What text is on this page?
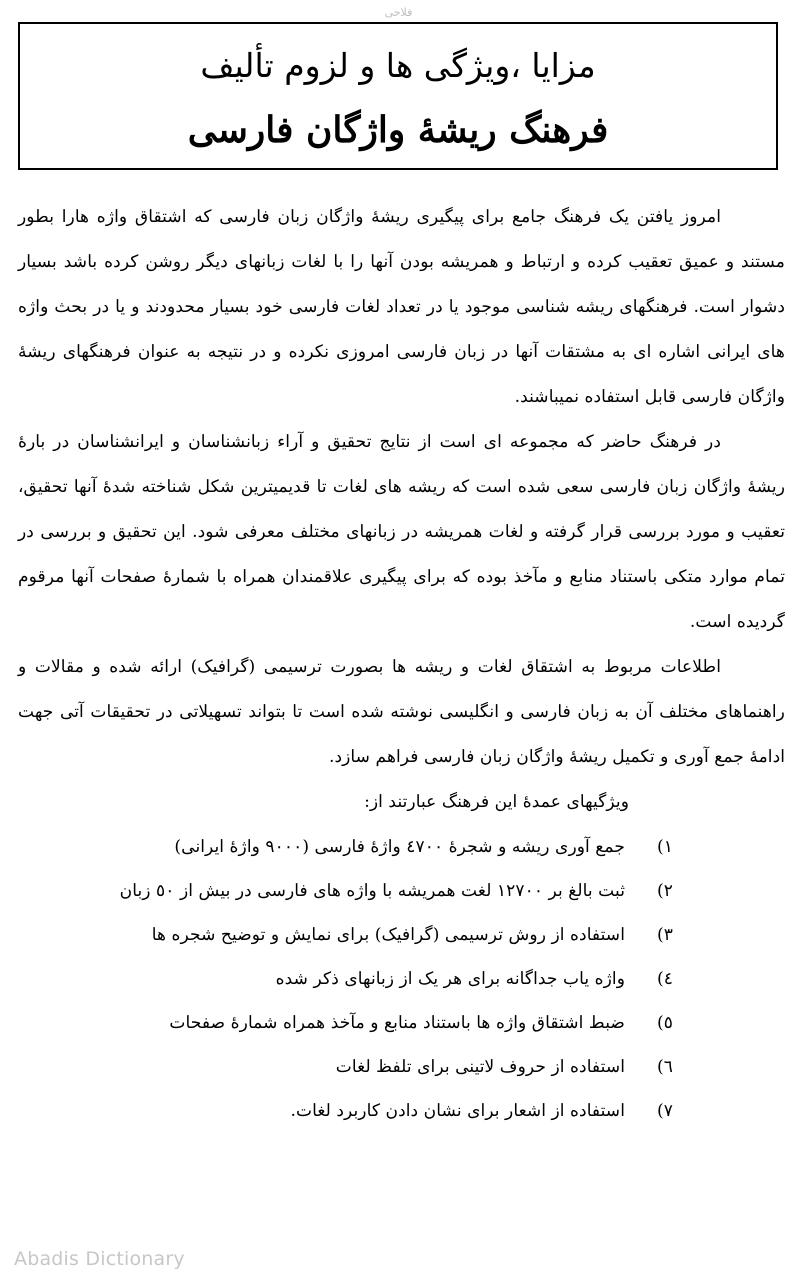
فلاحی
مزایا ،ویژگی ها و لزوم تألیف
فرهنگ ریشهٔ واژگان فارسی

امروز یافتن یک فرهنگ جامع برای پیگیری ریشهٔ واژگان زبان فارسی که اشتقاق واژه هارا بطور مستند و عمیق تعقیب کرده و ارتباط و همریشه بودن آنها را با لغات زبانهای دیگر روشن کرده باشد بسیار دشوار است. فرهنگهای ریشه شناسی موجود یا در تعداد لغات فارسی خود بسیار محدودند و یا در بحث واژه های ایرانی اشاره ای به مشتقات آنها در زبان فارسی امروزی نکرده و در نتیجه به عنوان فرهنگهای ریشهٔ واژگان فارسی قابل استفاده نمیباشند.

در فرهنگ حاضر که مجموعه ای است از نتایج تحقیق و آراء زبانشناسان و ایرانشناسان در بارهٔ ریشهٔ واژگان زبان فارسی سعی شده است که ریشه های لغات تا قدیمیترین شکل شناخته شدهٔ آنها تحقیق، تعقیب و مورد بررسی قرار گرفته و لغات همریشه در زبانهای مختلف معرفی شود. این تحقیق و بررسی در تمام موارد متکی باستناد منابع و مآخذ بوده که برای پیگیری علاقمندان همراه با شمارهٔ صفحات آنها مرقوم گردیده است.

اطلاعات مربوط به اشتقاق لغات و ریشه ها بصورت ترسیمی (گرافیک) ارائه شده و مقالات و راهنماهای مختلف آن به زبان فارسی و انگلیسی نوشته شده است تا بتواند تسهیلاتی در تحقیقات آتی جهت ادامهٔ جمع آوری و تکمیل ریشهٔ واژگان زبان فارسی فراهم سازد.

ویژگیهای عمدهٔ این فرهنگ عبارتند از:

۱)
جمع آوری ریشه و شجرهٔ ٤٧٠٠ واژهٔ فارسی (٩٠٠٠ واژهٔ ایرانی)
۲)
ثبت بالغ بر ١٢٧٠٠ لغت همریشه با واژه های فارسی در بیش از ٥٠ زبان
۳)
استفاده از روش ترسیمی (گرافیک) برای نمایش و توضیح شجره ها
٤)
واژه یاب جداگانه برای هر یک از زبانهای ذکر شده
٥)
ضبط اشتقاق واژه ها باستناد منابع و مآخذ همراه شمارهٔ صفحات
٦)
استفاده از حروف لاتینی برای تلفظ لغات
٧)
استفاده از اشعار برای نشان دادن کاربرد لغات.
Abadis Dictionary
